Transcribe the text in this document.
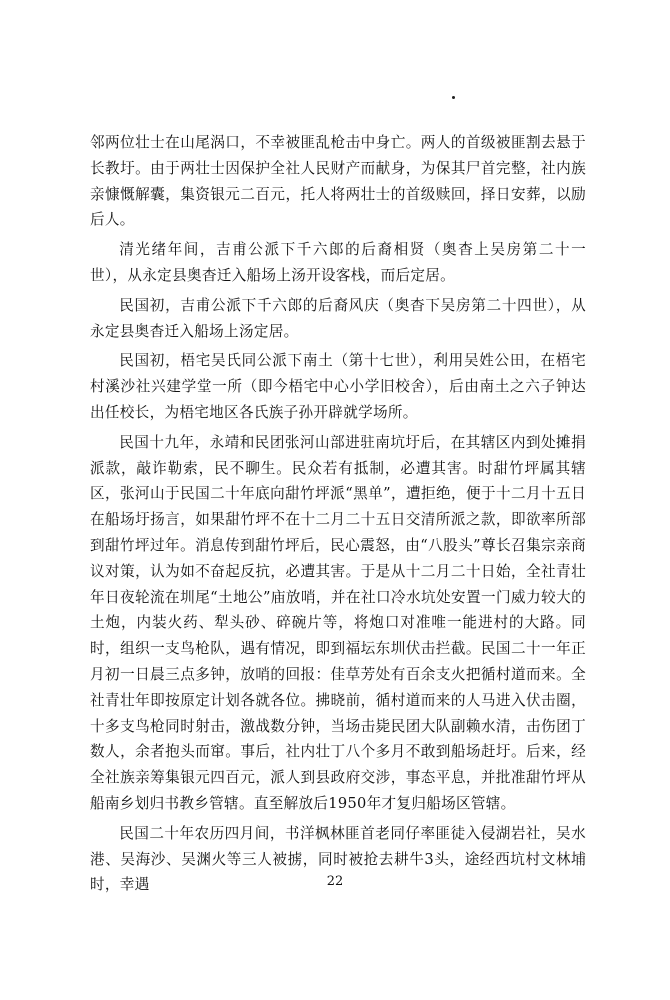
邻两位壮士在山尾涡口，不幸被匪乱枪击中身亡。两人的首级被匪割去悬于长教圩。由于两壮士因保护全社人民财产而献身，为保其尸首完整，社内族亲慷慨解囊，集资银元二百元，托人将两壮士的首级赎回，择日安葬，以励后人。

清光绪年间，吉甫公派下千六郎的后裔相贤（奥杳上吴房第二十一世），从永定县奥杳迁入船场上汤开设客栈，而后定居。

民国初，吉甫公派下千六郎的后裔风庆（奥杳下吴房第二十四世），从永定县奥杳迁入船场上汤定居。

民国初，梧宅吴氏同公派下南土（第十七世），利用吴姓公田，在梧宅村溪沙社兴建学堂一所（即今梧宅中心小学旧校舍），后由南土之六子钟达出任校长，为梧宅地区各氏族子孙开辟就学场所。

民国十九年，永靖和民团张河山部进驻南坑圩后，在其辖区内到处摊捐派款，敲诈勒索，民不聊生。民众若有抵制，必遭其害。时甜竹坪属其辖区，张河山于民国二十年底向甜竹坪派“黑单”，遭拒绝，便于十二月十五日在船场圩扬言，如果甜竹坪不在十二月二十五日交清所派之款，即欲率所部到甜竹坪过年。消息传到甜竹坪后，民心震怒，由“八股头”尊长召集宗亲商议对策，认为如不奋起反抗，必遭其害。于是从十二月二十日始，全社青壮年日夜轮流在圳尾“土地公”庙放哨，并在社口冷水坑处安置一门威力较大的土炮，内装火药、犁头砂、碎碗片等，将炮口对准唯一能进村的大路。同时，组织一支鸟枪队，遇有情况，即到福坛东圳伏击拦截。民国二十一年正月初一日晨三点多钟，放哨的回报：佳草芳处有百余支火把循村道而来。全社青壮年即按原定计划各就各位。拂晓前，循村道而来的人马进入伏击圈，十多支鸟枪同时射击，激战数分钟，当场击毙民团大队副赖水清，击伤团丁数人，余者抱头而窜。事后，社内壮丁八个多月不敢到船场赶圩。后来，经全社族亲筹集银元四百元，派人到县政府交涉，事态平息，并批准甜竹坪从船南乡划归书教乡管辖。直至解放后1950年才复归船场区管辖。

民国二十年农历四月间，书洋枫林匪首老同仔率匪徒入侵湖岩社，吴水港、吴海沙、吴渊火等三人被掳，同时被抢去耕牛3头，途经西坑村文林埔时，幸遇	22
